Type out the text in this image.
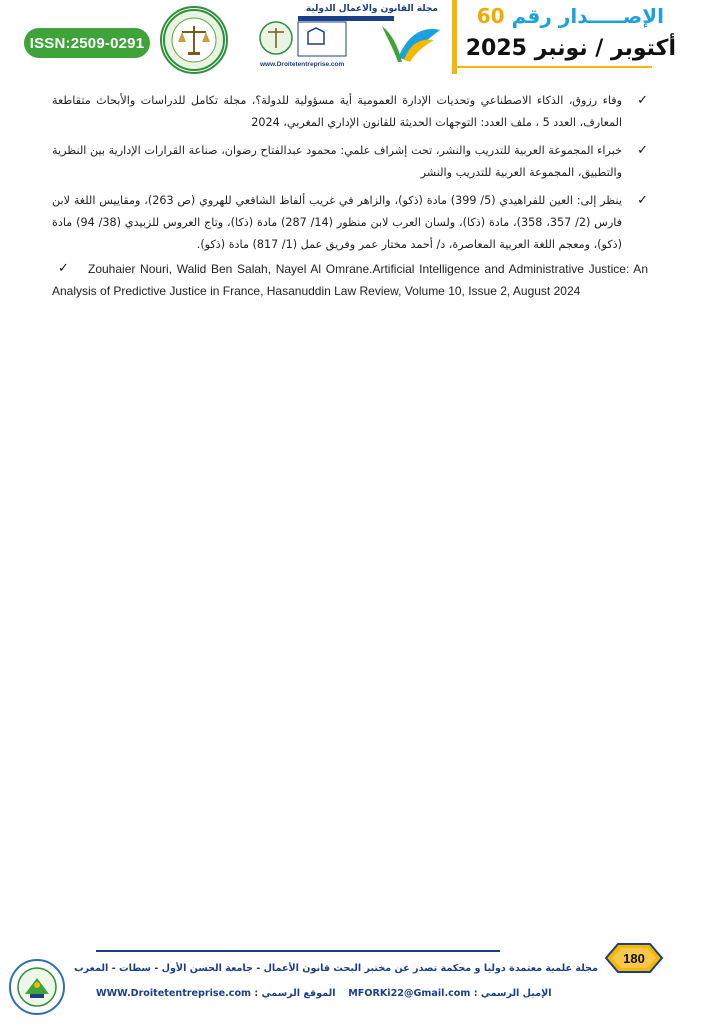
ISSN:2509-0291
مجلة القانون والأعمال الدولية
www.Droitetentreprise.com
الإصـــــدار رقم 60
أكتوبر / نونبر 2025
✓
وفاء رزوق، الذكاء الاصطناعي وتحديات الإدارة العمومية أية مسؤولية للدولة؟، مجلة تكامل للدراسات والأبحاث متقاطعة المعارف، العدد 5 ، ملف العدد: التوجهات الحديثة للقانون الإداري المغربي، 2024
✓
خبراء المجموعة العربية للتدريب والنشر، تحت إشراف علمي: محمود عبدالفتاح رضوان، صناعة القرارات الإدارية بين النظرية والتطبيق، المجموعة العربية للتدريب والنشر
✓
ينظر إلى: العين للفراهيدي (5/ 399) مادة (ذكو)، والزاهر في غريب ألفاظ الشافعي للهروي (ص 263)، ومقاييس اللغة لابن فارس (2/ 357، 358)، مادة (ذكا)، ولسان العرب لابن منظور (14/ 287) مادة (ذكا)، وتاج العروس للزبيدي (38/ 94) مادة (ذكو)، ومعجم اللغة العربية المعاصرة، د/ أحمد مختار عمر وفريق عمل (1/ 817) مادة (ذكو).
✓ Zouhaier Nouri, Walid Ben Salah, Nayel Al Omrane.Artificial Intelligence and Administrative Justice: An Analysis of Predictive Justice in France, Hasanuddin Law Review, Volume 10, Issue 2, August 2024
180
مجلة علمية معتمدة دوليا و محكمة تصدر عن مختبر البحث قانون الأعمال - جامعة الحسن الأول - سطات - المغرب
WWW.Droitetentreprise.com : الموقع الرسمي MFORKi22@Gmail.com : الإميل الرسمي
